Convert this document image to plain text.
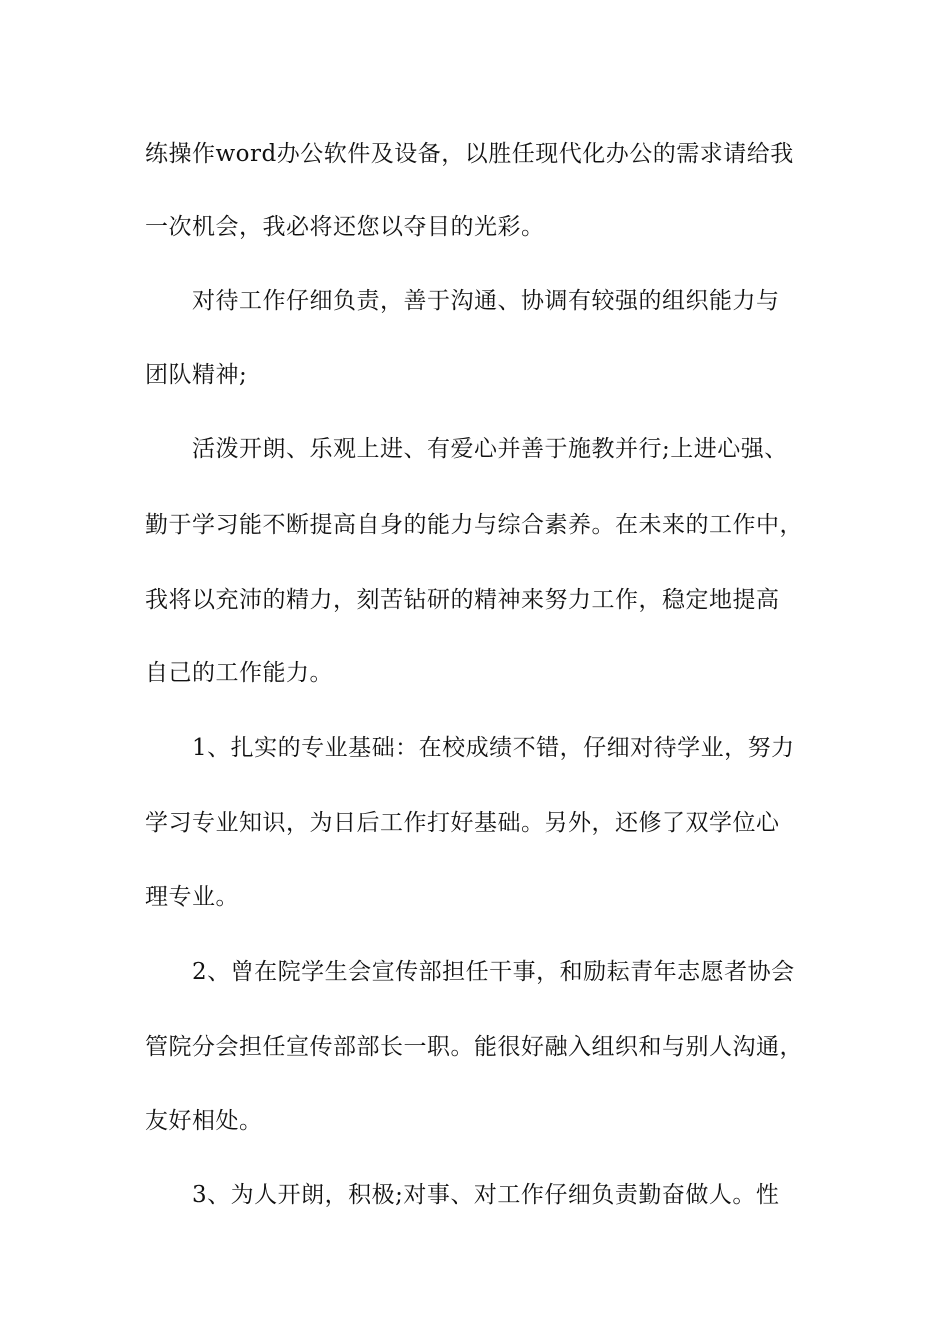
练操作word办公软件及设备，以胜任现代化办公的需求请给我
一次机会，我必将还您以夺目的光彩。
对待工作仔细负责，善于沟通、协调有较强的组织能力与
团队精神;
活泼开朗、乐观上进、有爱心并善于施教并行;上进心强、
勤于学习能不断提高自身的能力与综合素养。在未来的工作中，
我将以充沛的精力，刻苦钻研的精神来努力工作，稳定地提高
自己的工作能力。
1、扎实的专业基础：在校成绩不错，仔细对待学业，努力
学习专业知识，为日后工作打好基础。另外，还修了双学位心
理专业。
2、曾在院学生会宣传部担任干事，和励耘青年志愿者协会
管院分会担任宣传部部长一职。能很好融入组织和与别人沟通，
友好相处。
3、为人开朗，积极;对事、对工作仔细负责勤奋做人。性
